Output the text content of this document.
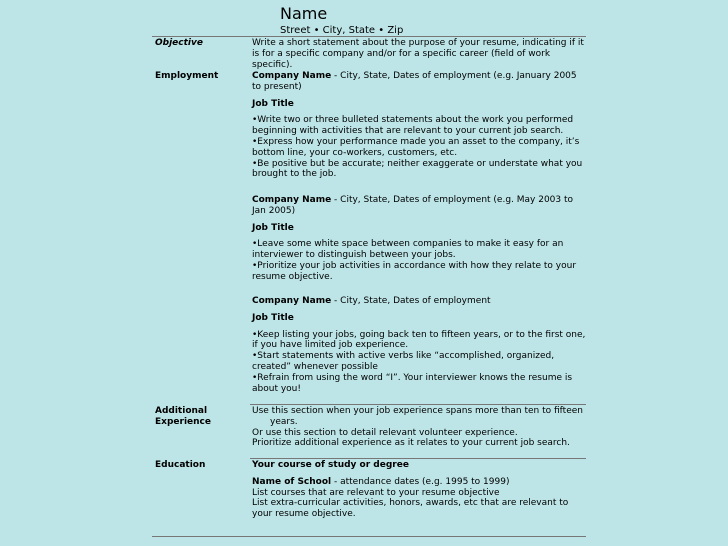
Name
Street • City, State • Zip
Objective	Write a short statement about the purpose of your resume, indicating if it is for a specific company and/or for a specific career (field of work specific).

Employment	Company Name - City, State, Dates of employment (e.g. January 2005 to present)

Job Title

•Write two or three bulleted statements about the work you performed beginning with activities that are relevant to your current job search.

•Express how your performance made you an asset to the company, it’s bottom line, your co-workers, customers, etc.

•Be positive but be accurate; neither exaggerate or understate what you brought to the job.

Company Name - City, State, Dates of employment (e.g. May 2003 to Jan 2005)

Job Title

•Leave some white space between companies to make it easy for an interviewer to distinguish between your jobs.

•Prioritize your job activities in accordance with how they relate to your resume objective.

Company Name - City, State, Dates of employment

Job Title

•Keep listing your jobs, going back ten to fifteen years, or to the first one, if you have limited job experience.

•Start statements with active verbs like “accomplished, organized, created” whenever possible

•Refrain from using the word “I”. Your interviewer knows the resume is about you!

Additional
Experience

Use this section when your job experience spans more than ten to fifteen years.

Or use this section to detail relevant volunteer experience.

Prioritize additional experience as it relates to your current job search.

Education	Your course of study or degree

Name of School - attendance dates (e.g. 1995 to 1999)

List courses that are relevant to your resume objective

List extra-curricular activities, honors, awards, etc that are relevant to your resume objective.
